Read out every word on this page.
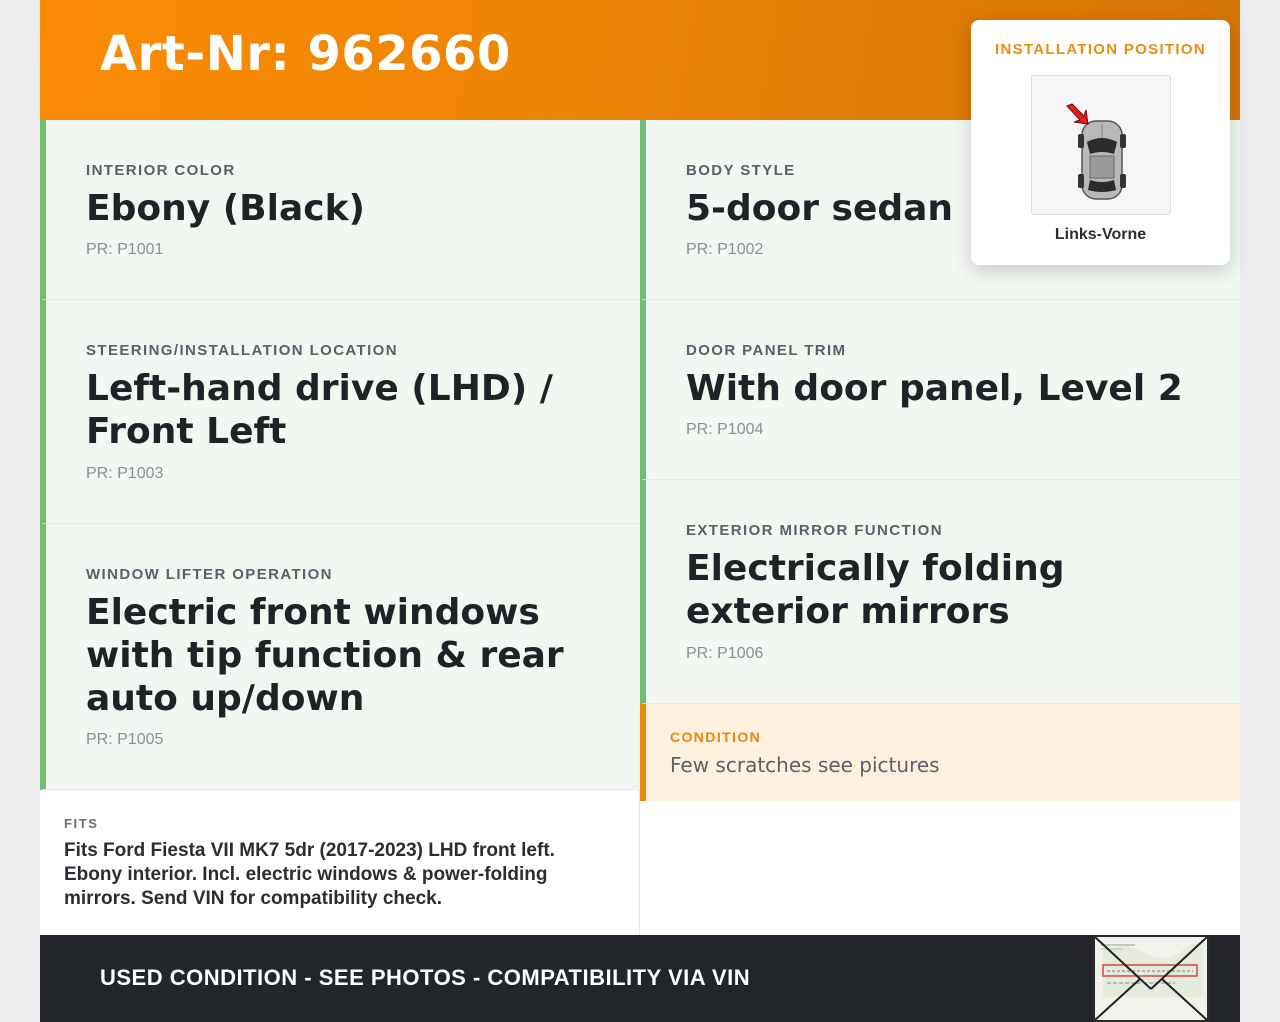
Art-Nr: 962660
INTERIOR COLOR
Ebony (Black)
PR: P1001
STEERING/INSTALLATION LOCATION
Left-hand drive (LHD) / Front Left
PR: P1003
WINDOW LIFTER OPERATION
Electric front windows with tip function & rear auto up/down
PR: P1005
BODY STYLE
5-door sedan
PR: P1002
DOOR PANEL TRIM
With door panel, Level 2
PR: P1004
EXTERIOR MIRROR FUNCTION
Electrically folding exterior mirrors
PR: P1006
CONDITION
Few scratches see pictures
FITS
Fits Ford Fiesta VII MK7 5dr (2017-2023) LHD front left. Ebony interior. Incl. electric windows & power-folding mirrors. Send VIN for compatibility check.
USED CONDITION - SEE PHOTOS - COMPATIBILITY VIA VIN
INSTALLATION POSITION
Links-Vorne
